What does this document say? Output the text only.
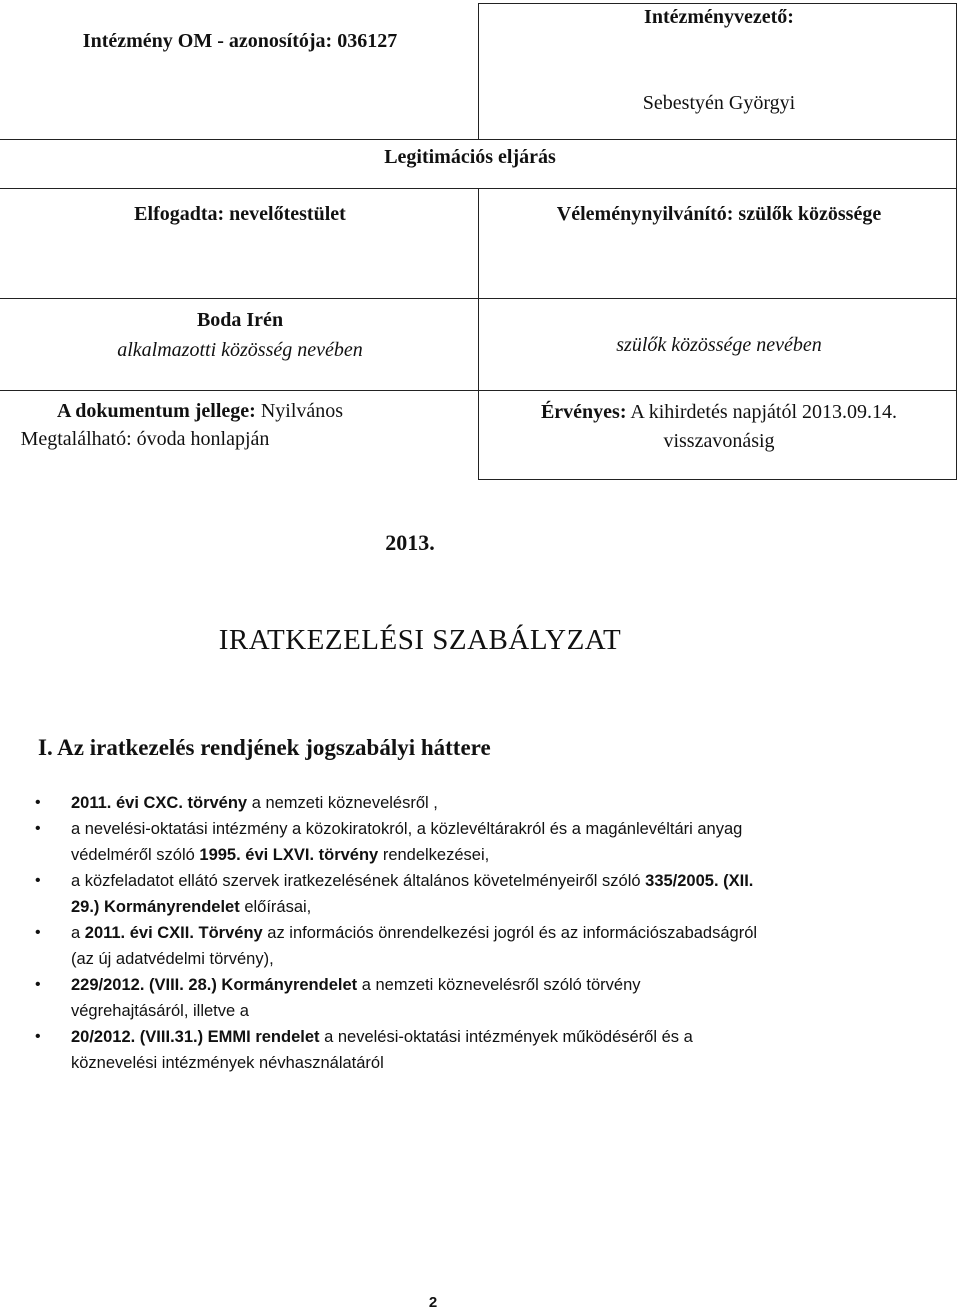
Intézmény OM - azonosítója: 036127
Intézményvezető:
Sebestyén Györgyi
Legitimációs eljárás
Elfogadta: nevelőtestület	Véleménynyilvánító: szülők közössége
Boda Irén
alkalmazotti közösség nevében	szülők közössége nevében
A dokumentum jellege: Nyilvános
Megtalálható: óvoda honlapján
Érvényes: A kihirdetés napjától 2013.09.14.
visszavonásig
2013.
IRATKEZELÉSI SZABÁLYZAT
I. Az iratkezelés rendjének jogszabályi háttere
• 2011. évi CXC. törvény a nemzeti köznevelésről ,
• a nevelési-oktatási intézmény a közokiratokról, a közlevéltárakról és a magánlevéltári anyag
védelméről szóló 1995. évi LXVI. törvény rendelkezései,
• a közfeladatot ellátó szervek iratkezelésének általános követelményeiről szóló 335/2005. (XII.
29.) Kormányrendelet előírásai,
• a 2011. évi CXII. Törvény az információs önrendelkezési jogról és az információszabadságról
(az új adatvédelmi törvény),
• 229/2012. (VIII. 28.) Kormányrendelet a nemzeti köznevelésről szóló törvény
végrehajtásáról, illetve a
• 20/2012. (VIII.31.) EMMI rendelet a nevelési-oktatási intézmények működéséről és a
köznevelési intézmények névhasználatáról
2
